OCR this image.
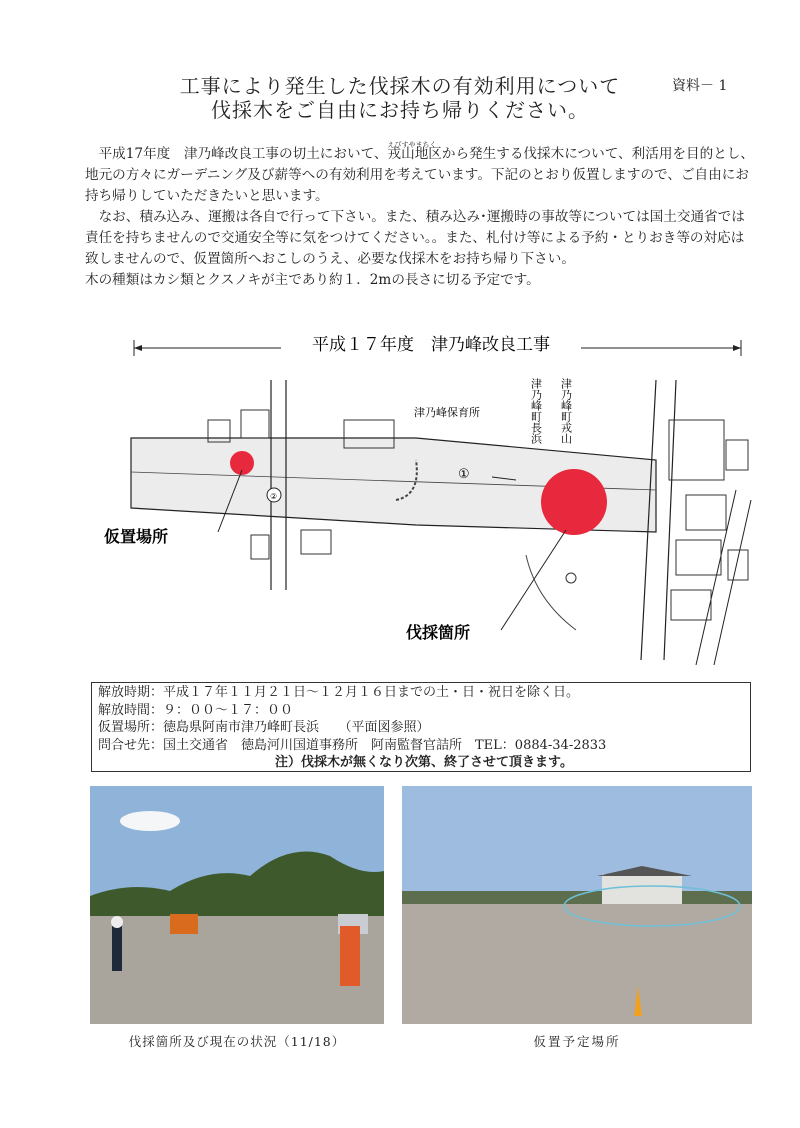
工事により発生した伐採木の有効利用について
伐採木をご自由にお持ち帰りください。
資料－ 1

　平成17年度　津乃峰改良工事の切土において、
えびすやまちく
戎山地区から発生する伐採木について、利活用を目的とし、地元の方々にガーデニング及び薪等への有効利用を考えています。下記のとおり仮置しますので、ご自由にお持ち帰りしていただきたいと思います。

　なお、積み込み、運搬は各自で行って下さい。また、積み込み･運搬時の事故等については国土交通省では責任を持ちませんので交通安全等に気をつけてください。。また、札付け等による予約・とりおき等の対応は致しませんので、仮置箇所へおこしのうえ、必要な伐採木をお持ち帰り下さい。

木の種類はカシ類とクスノキが主であり約１．2mの長さに切る予定です。

平成１７年度　津乃峰改良工事
①
②
津乃峰保育所	津乃峰町長浜 津乃峰町戎山
仮置場所
伐採箇所
解放時期：平成１７年１１月２１日～１２月１６日までの土・日・祝日を除く日。
解放時間：９：００～１７：００
仮置場所：徳島県阿南市津乃峰町長浜　　（平面図参照）
問合せ先：国土交通省　徳島河川国道事務所　阿南監督官詰所　TEL：0884-34-2833
注）伐採木が無くなり次第、終了させて頂きます。
伐採箇所及び現在の状況（11/18）	仮置予定場所
